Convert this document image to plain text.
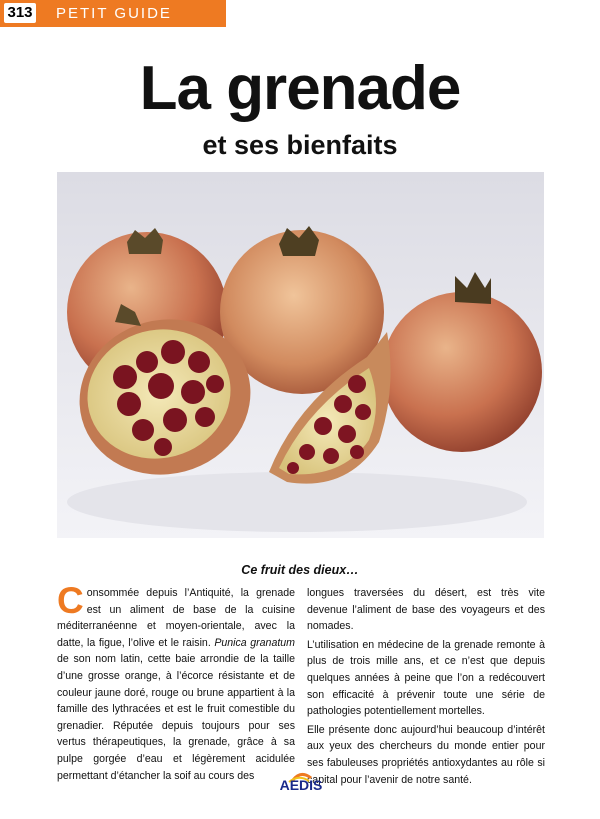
313 PETIT GUIDE
La grenade
et ses bienfaits
Ce fruit des dieux…

Consommée depuis l’Antiquité, la grenade est un aliment de base de la cuisine méditerranéenne et moyen-orientale, avec la datte, la figue, l’olive et le raisin. Punica granatum de son nom latin, cette baie arrondie de la taille d’une grosse orange, à l’écorce résistante et de couleur jaune doré, rouge ou brune appartient à la famille des lythracées et est le fruit comestible du grenadier. Réputée depuis toujours pour ses vertus thérapeutiques, la grenade, grâce à sa pulpe gorgée d’eau et légèrement acidulée permettant d’étancher la soif au cours des

longues traversées du désert, est très vite devenue l’aliment de base des voyageurs et des nomades.

L’utilisation en médecine de la grenade remonte à plus de trois mille ans, et ce n’est que depuis quelques années à peine que l’on a redécouvert son efficacité à prévenir toute une série de pathologies potentiellement mortelles.

Elle présente donc aujourd’hui beaucoup d’intérêt aux yeux des chercheurs du monde entier pour ses fabuleuses propriétés antioxydantes au rôle si capital pour l’avenir de notre santé.

AEDIS
